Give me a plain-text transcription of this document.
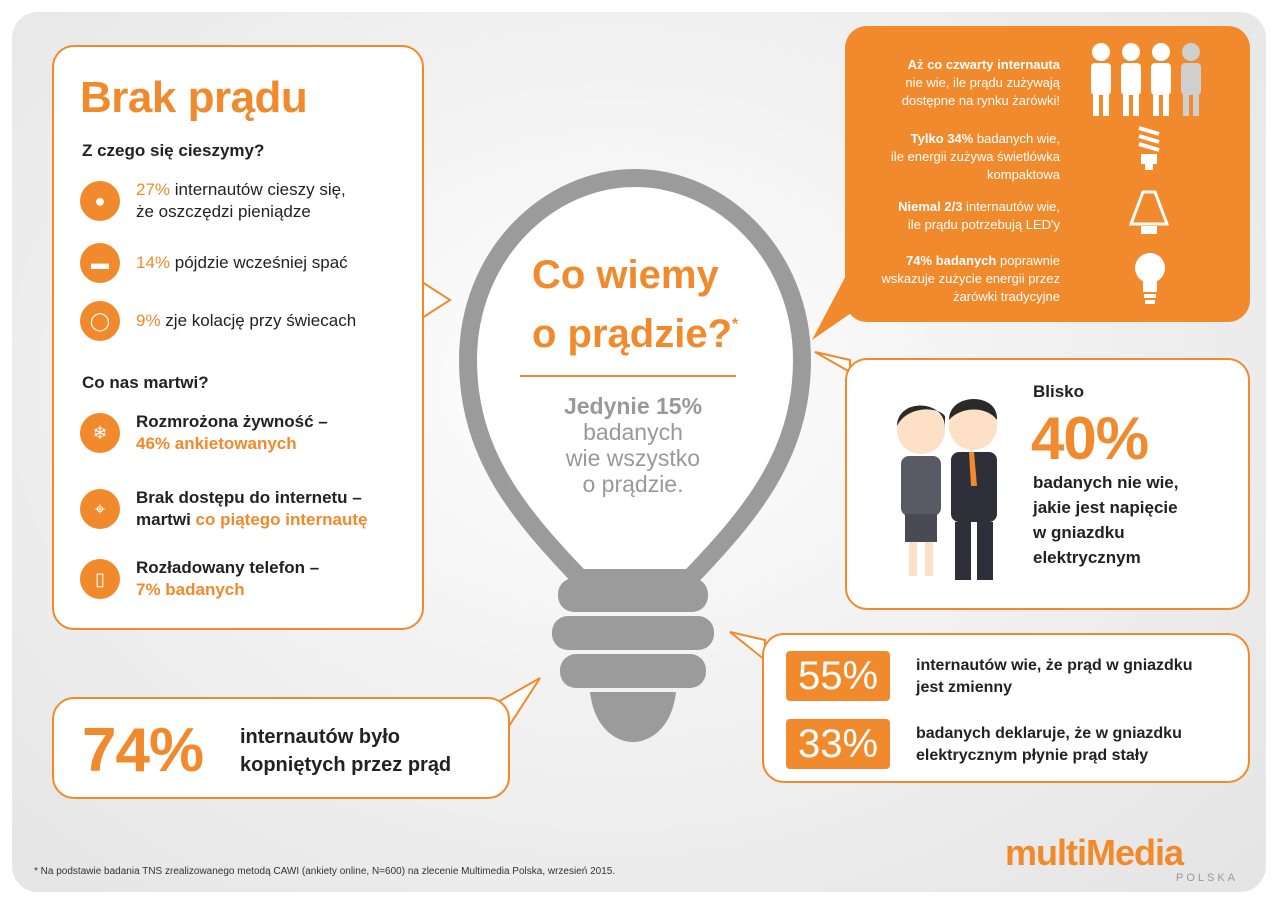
Co wiemy
o prądzie?*
Jedynie 15%
badanych
wie wszystko
o prądzie.
Brak prądu
Z czego się cieszymy?
●
27% internautów cieszy się,
że oszczędzi pieniądze
▬	14% pójdzie wcześniej spać
◯	9% zje kolację przy świecach
Co nas martwi?
❄
Rozmrożona żywność –
46% ankietowanych
⌖
Brak dostępu do internetu –
martwi co piątego internautę
▯
Rozładowany telefon –
7% badanych
74% internautów było
kopniętych przez prąd
Aż co czwarty internauta
nie wie, ile prądu zużywają
dostępne na rynku żarówki!
Tylko 34% badanych wie,
ile energii zużywa świetlówka
kompaktowa
Niemal 2/3 internautów wie,
ile prądu potrzebują LED'y
74% badanych poprawnie
wskazuje zużycie energii przez
żarówki tradycyjne
Blisko
40%
badanych nie wie,
jakie jest napięcie
w gniazdku
elektrycznym
55%	internautów wie, że prąd w gniazdku
jest zmienny
33%	badanych deklaruje, że w gniazdku
elektrycznym płynie prąd stały
multiMedia
POLSKA
* Na podstawie badania TNS zrealizowanego metodą CAWI (ankiety online, N=600) na zlecenie Multimedia Polska, wrzesień 2015.
